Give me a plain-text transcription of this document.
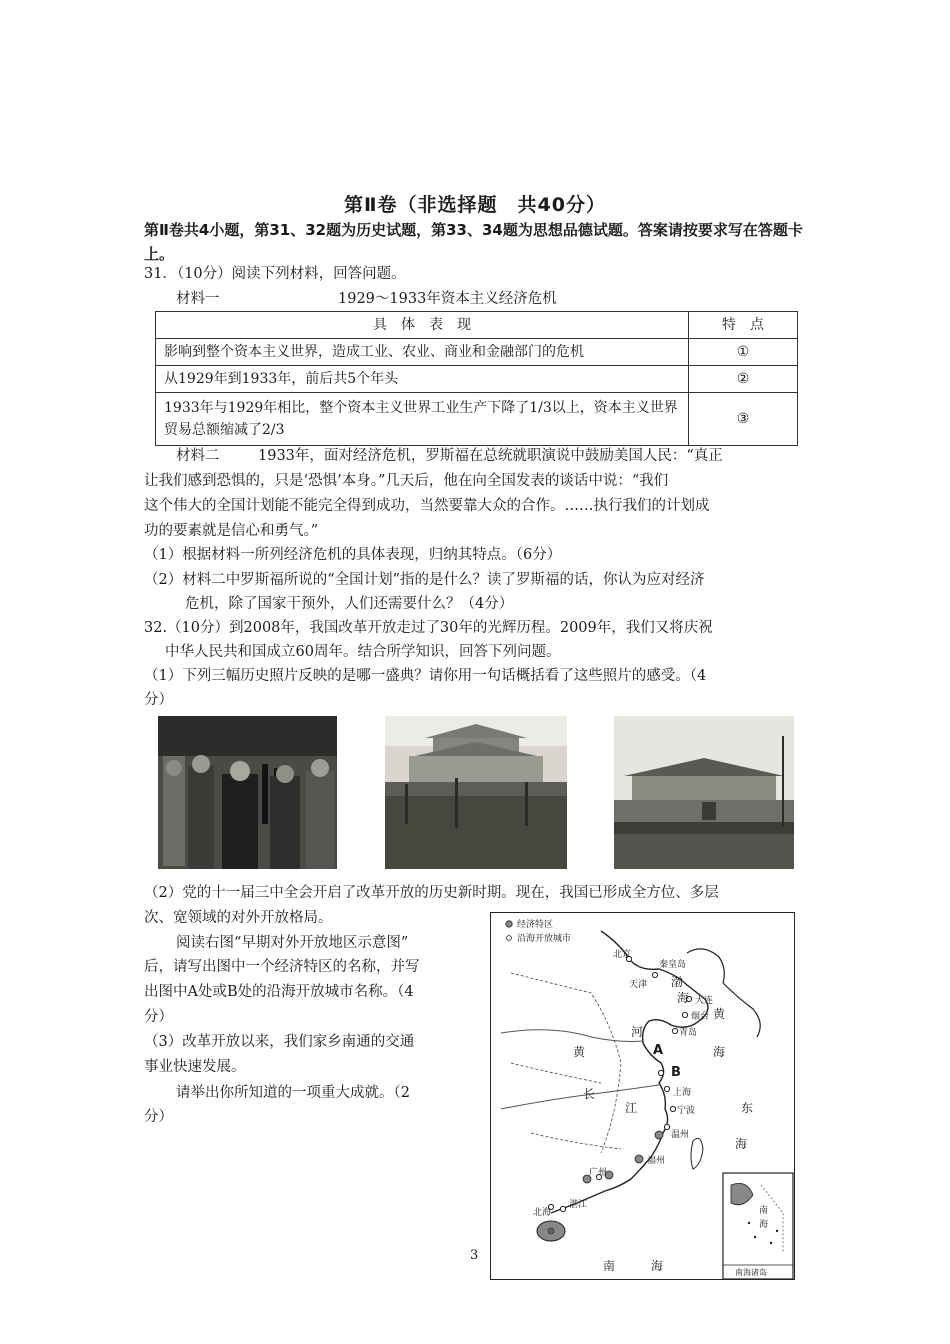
第Ⅱ卷（非选择题　共40分）
第Ⅱ卷共4小题，第31、32题为历史试题，第33、34题为思想品德试题。答案请按要求写在答题卡上。
31．（10分）阅读下列材料，回答问题。
材料一	1929～1933年资本主义经济危机
具　体　表　现	特　点
影响到整个资本主义世界，造成工业、农业、商业和金融部门的危机	①
从1929年到1933年，前后共5个年头	②
1933年与1929年相比，整个资本主义世界工业生产下降了1/3以上，资本主义世界贸易总额缩减了2/3	③
材料二	1933年，面对经济危机，罗斯福在总统就职演说中鼓励美国人民：“真正
让我们感到恐惧的，只是‘恐惧’本身。”几天后，他在向全国发表的谈话中说：“我们
这个伟大的全国计划能不能完全得到成功，当然要靠大众的合作。……执行我们的计划成
功的要素就是信心和勇气。”
（1）根据材料一所列经济危机的具体表现，归纳其特点。（6分）
（2）材料二中罗斯福所说的“全国计划”指的是什么？读了罗斯福的话，你认为应对经济
危机，除了国家干预外，人们还需要什么？（4分）
32.（10分）到2008年，我国改革开放走过了30年的光辉历程。2009年，我们又将庆祝
中华人民共和国成立60周年。结合所学知识，回答下列问题。
（1）下列三幅历史照片反映的是哪一盛典？请你用一句话概括看了这些照片的感受。（4
分）
（2）党的十一届三中全会开启了改革开放的历史新时期。现在，我国已形成全方位、多层
次、宽领域的对外开放格局。
阅读右图“早期对外开放地区示意图”
后，请写出图中一个经济特区的名称，并写
出图中A处或B处的沿海开放城市名称。（4
分）
（3）改革开放以来，我们家乡南通的交通
事业快速发展。
请举出你所知道的一项重大成就。（2
分）
经济特区
沿海开放城市
北京
秦皇岛
天津
大连
烟台
青岛
上海
宁波
温州
福州
广州
湛江
北海
A
B
渤
海
黄
河
黄	海
长
江	东
海
南	海
南
海
南海诸岛
3
